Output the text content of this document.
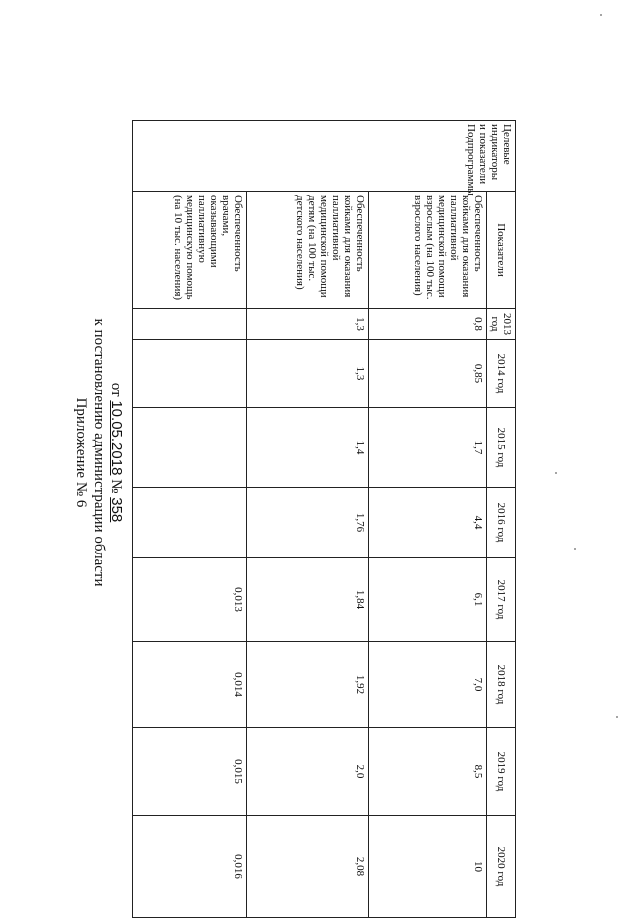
Приложение № 6 к постановлению администрации области от 10.05.2018 № 358
Целевые индикаторы и показатели Подпрограммы	Показатели	2013 год	2014 год	2015 год	2016 год	2017 год	2018 год	2019 год	2020 год
	Обеспеченность койками для оказания паллиативной медицинской помощи взрослым (на 100 тыс. взрослого населения)	0,8	0,85	1,7	4,4	6,1	7,0	8,5	10
	Обеспеченность койками для оказания паллиативной медицинской помощи детям (на 100 тыс. детского населения)	1,3	1,3	1,4	1,76	1,84	1,92	2,0	2,08
	Обеспеченность врачами, оказывающими паллиативную медицинскую помощь (на 10 тыс. населения)					0,013	0,014	0,015	0,016
